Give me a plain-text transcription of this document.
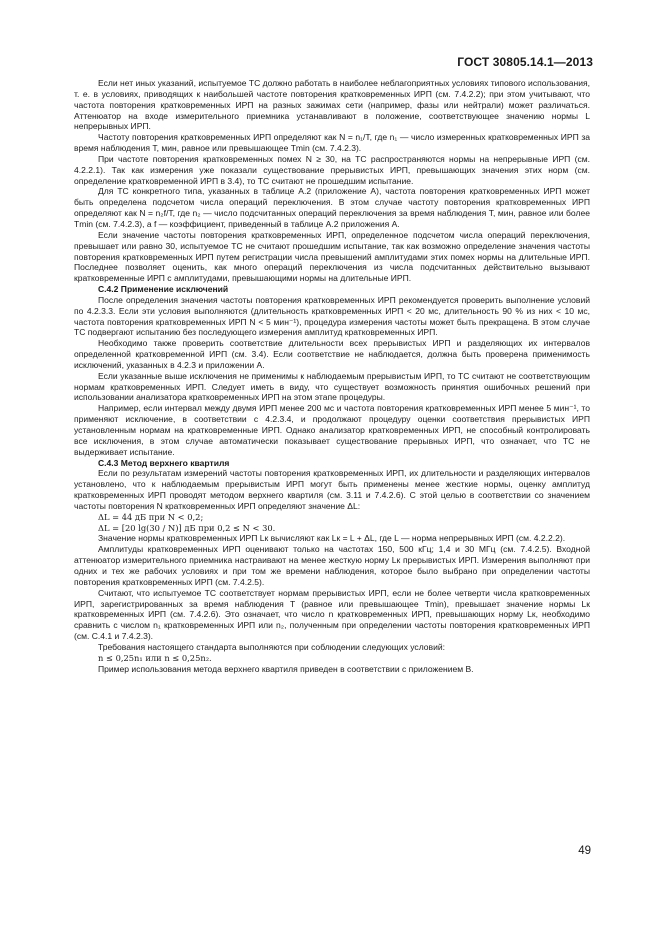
ГОСТ 30805.14.1—2013

Если нет иных указаний, испытуемое ТС должно работать в наиболее неблагоприятных условиях типового использования, т. е. в условиях, приводящих к наибольшей частоте повторения кратковременных ИРП (см. 7.4.2.2); при этом учитывают, что частота повторения кратковременных ИРП на разных зажимах сети (например, фазы или нейтрали) может различаться. Аттенюатор на входе измерительного приемника устанавливают в положение, соответствующее значению нормы L непрерывных ИРП.

Частоту повторения кратковременных ИРП определяют как N = n₁/T, где n₁ — число измеренных кратковременных ИРП за время наблюдения T, мин, равное или превышающее Tmin (см. 7.4.2.3).

При частоте повторения кратковременных помех N ≥ 30, на ТС распространяются нормы на непрерывные ИРП (см. 4.2.2.1). Так как измерения уже показали существование прерывистых ИРП, превышающих значения этих норм (см. определение кратковременной ИРП в 3.4), то ТС считают не прошедшим испытание.

Для ТС конкретного типа, указанных в таблице А.2 (приложение А), частота повторения кратковременных ИРП может быть определена подсчетом числа операций переключения. В этом случае частоту повторения кратковременных ИРП определяют как N = n₂f/T, где n₂ — число подсчитанных операций переключения за время наблюдения T, мин, равное или более Tmin (см. 7.4.2.3), а f — коэффициент, приведенный в таблице А.2 приложения А.

Если значение частоты повторения кратковременных ИРП, определенное подсчетом числа операций переключения, превышает или равно 30, испытуемое ТС не считают прошедшим испытание, так как возможно определение значения частоты повторения кратковременных ИРП путем регистрации числа превышений амплитудами этих помех нормы на длительные ИРП. Последнее позволяет оценить, как много операций переключения из числа подсчитанных действительно вызывают кратковременные ИРП с амплитудами, превышающими нормы на длительные ИРП.

С.4.2 Применение исключений

После определения значения частоты повторения кратковременных ИРП рекомендуется проверить выполнение условий по 4.2.3.3. Если эти условия выполняются (длительность кратковременных ИРП < 20 мс, длительность 90 % из них < 10 мс, частота повторения кратковременных ИРП N < 5 мин⁻¹), процедура измерения частоты может быть прекращена. В этом случае ТС подвергают испытанию без последующего измерения амплитуд кратковременных ИРП.

Необходимо также проверить соответствие длительности всех прерывистых ИРП и разделяющих их интервалов определенной кратковременной ИРП (см. 3.4). Если соответствие не наблюдается, должна быть проверена применимость исключений, указанных в 4.2.3 и приложении А.

Если указанные выше исключения не применимы к наблюдаемым прерывистым ИРП, то ТС считают не соответствующим нормам кратковременных ИРП. Следует иметь в виду, что существует возможность принятия ошибочных решений при использовании анализатора кратковременных ИРП на этом этапе процедуры.

Например, если интервал между двумя ИРП менее 200 мс и частота повторения кратковременных ИРП менее 5 мин⁻¹, то применяют исключение, в соответствии с 4.2.3.4, и продолжают процедуру оценки соответствия прерывистых ИРП установленным нормам на кратковременные ИРП. Однако анализатор кратковременных ИРП, не способный контролировать все исключения, в этом случае автоматически показывает существование прерывных ИРП, что означает, что ТС не выдерживает испытание.

С.4.3 Метод верхнего квартиля

Если по результатам измерений частоты повторения кратковременных ИРП, их длительности и разделяющих интервалов установлено, что к наблюдаемым прерывистым ИРП могут быть применены менее жесткие нормы, оценку амплитуд кратковременных ИРП проводят методом верхнего квартиля (см. 3.11 и 7.4.2.6). С этой целью в соответствии со значением частоты повторения N кратковременных ИРП определяют значение ΔL:

ΔL = 44 дБ при N < 0,2;

ΔL = [20 lg(30 / N)] дБ при 0,2 ≤ N < 30.

Значение нормы кратковременных ИРП Lк вычисляют как Lк = L + ΔL, где L — норма непрерывных ИРП (см. 4.2.2.2).

Амплитуды кратковременных ИРП оценивают только на частотах 150, 500 кГц; 1,4 и 30 МГц (см. 7.4.2.5). Входной аттенюатор измерительного приемника настраивают на менее жесткую норму Lк прерывистых ИРП. Измерения выполняют при одних и тех же рабочих условиях и при том же времени наблюдения, которое было выбрано при определении частоты повторения кратковременных ИРП (см. 7.4.2.5).

Считают, что испытуемое ТС соответствует нормам прерывистых ИРП, если не более четверти числа кратковременных ИРП, зарегистрированных за время наблюдения T (равное или превышающее Tmin), превышает значение нормы Lк кратковременных ИРП (см. 7.4.2.6). Это означает, что число n кратковременных ИРП, превышающих норму Lк, необходимо сравнить с числом n₁ кратковременных ИРП или n₂, полученным при определении частоты повторения кратковременных ИРП (см. С.4.1 и 7.4.2.3).

Требования настоящего стандарта выполняются при соблюдении следующих условий:

n ≤ 0,25n₁ или n ≤ 0,25n₂.

Пример использования метода верхнего квартиля приведен в соответствии с приложением В.

49
